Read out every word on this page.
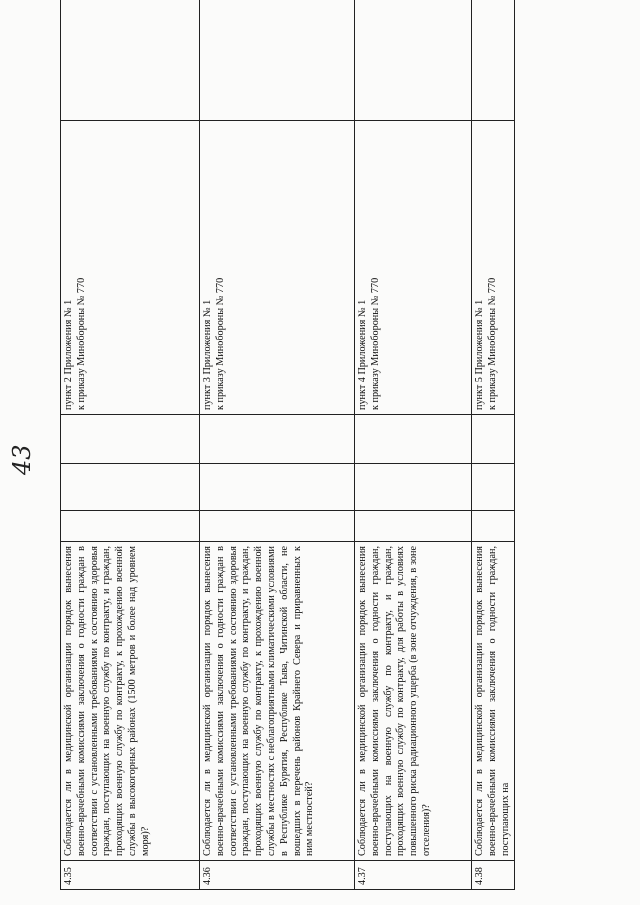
43
4.35	Соблюдается ли в медицинской организации порядок вынесения военно-врачебными комиссиями заключения о годности граждан в соответствии с установленными требованиями к состоянию здоровья граждан, поступающих на военную службу по контракту, и граждан, проходящих военную службу по контракту, к прохождению военной службы в высокогорных районах (1500 метров и более над уровнем моря)?				пункт 2 Приложения № 1 к приказу Минобороны № 770	

4.36	Соблюдается ли в медицинской организации порядок вынесения военно-врачебными комиссиями заключения о годности граждан в соответствии с установленными требованиями к состоянию здоровья граждан, поступающих на военную службу по контракту, и граждан, проходящих военную службу по контракту, к прохождению военной службы в местностях с неблагоприятными климатическими условиями в Республике Бурятия, Республике Тыва, Читинской области, не вошедших в перечень районов Крайнего Севера и приравненных к ним местностей?				пункт 3 Приложения № 1 к приказу Минобороны № 770	

4.37	Соблюдается ли в медицинской организации порядок вынесения военно-врачебными комиссиями заключения о годности граждан, поступающих на военную службу по контракту, и граждан, проходящих военную службу по контракту, для работы в условиях повышенного риска радиационного ущерба (в зоне отчуждения, в зоне отселения)?				пункт 4 Приложения № 1 к приказу Минобороны № 770	

4.38	Соблюдается ли в медицинской организации порядок вынесения военно-врачебными комиссиями заключения о годности граждан, поступающих на				пункт 5 Приложения № 1 к приказу Минобороны № 770	
